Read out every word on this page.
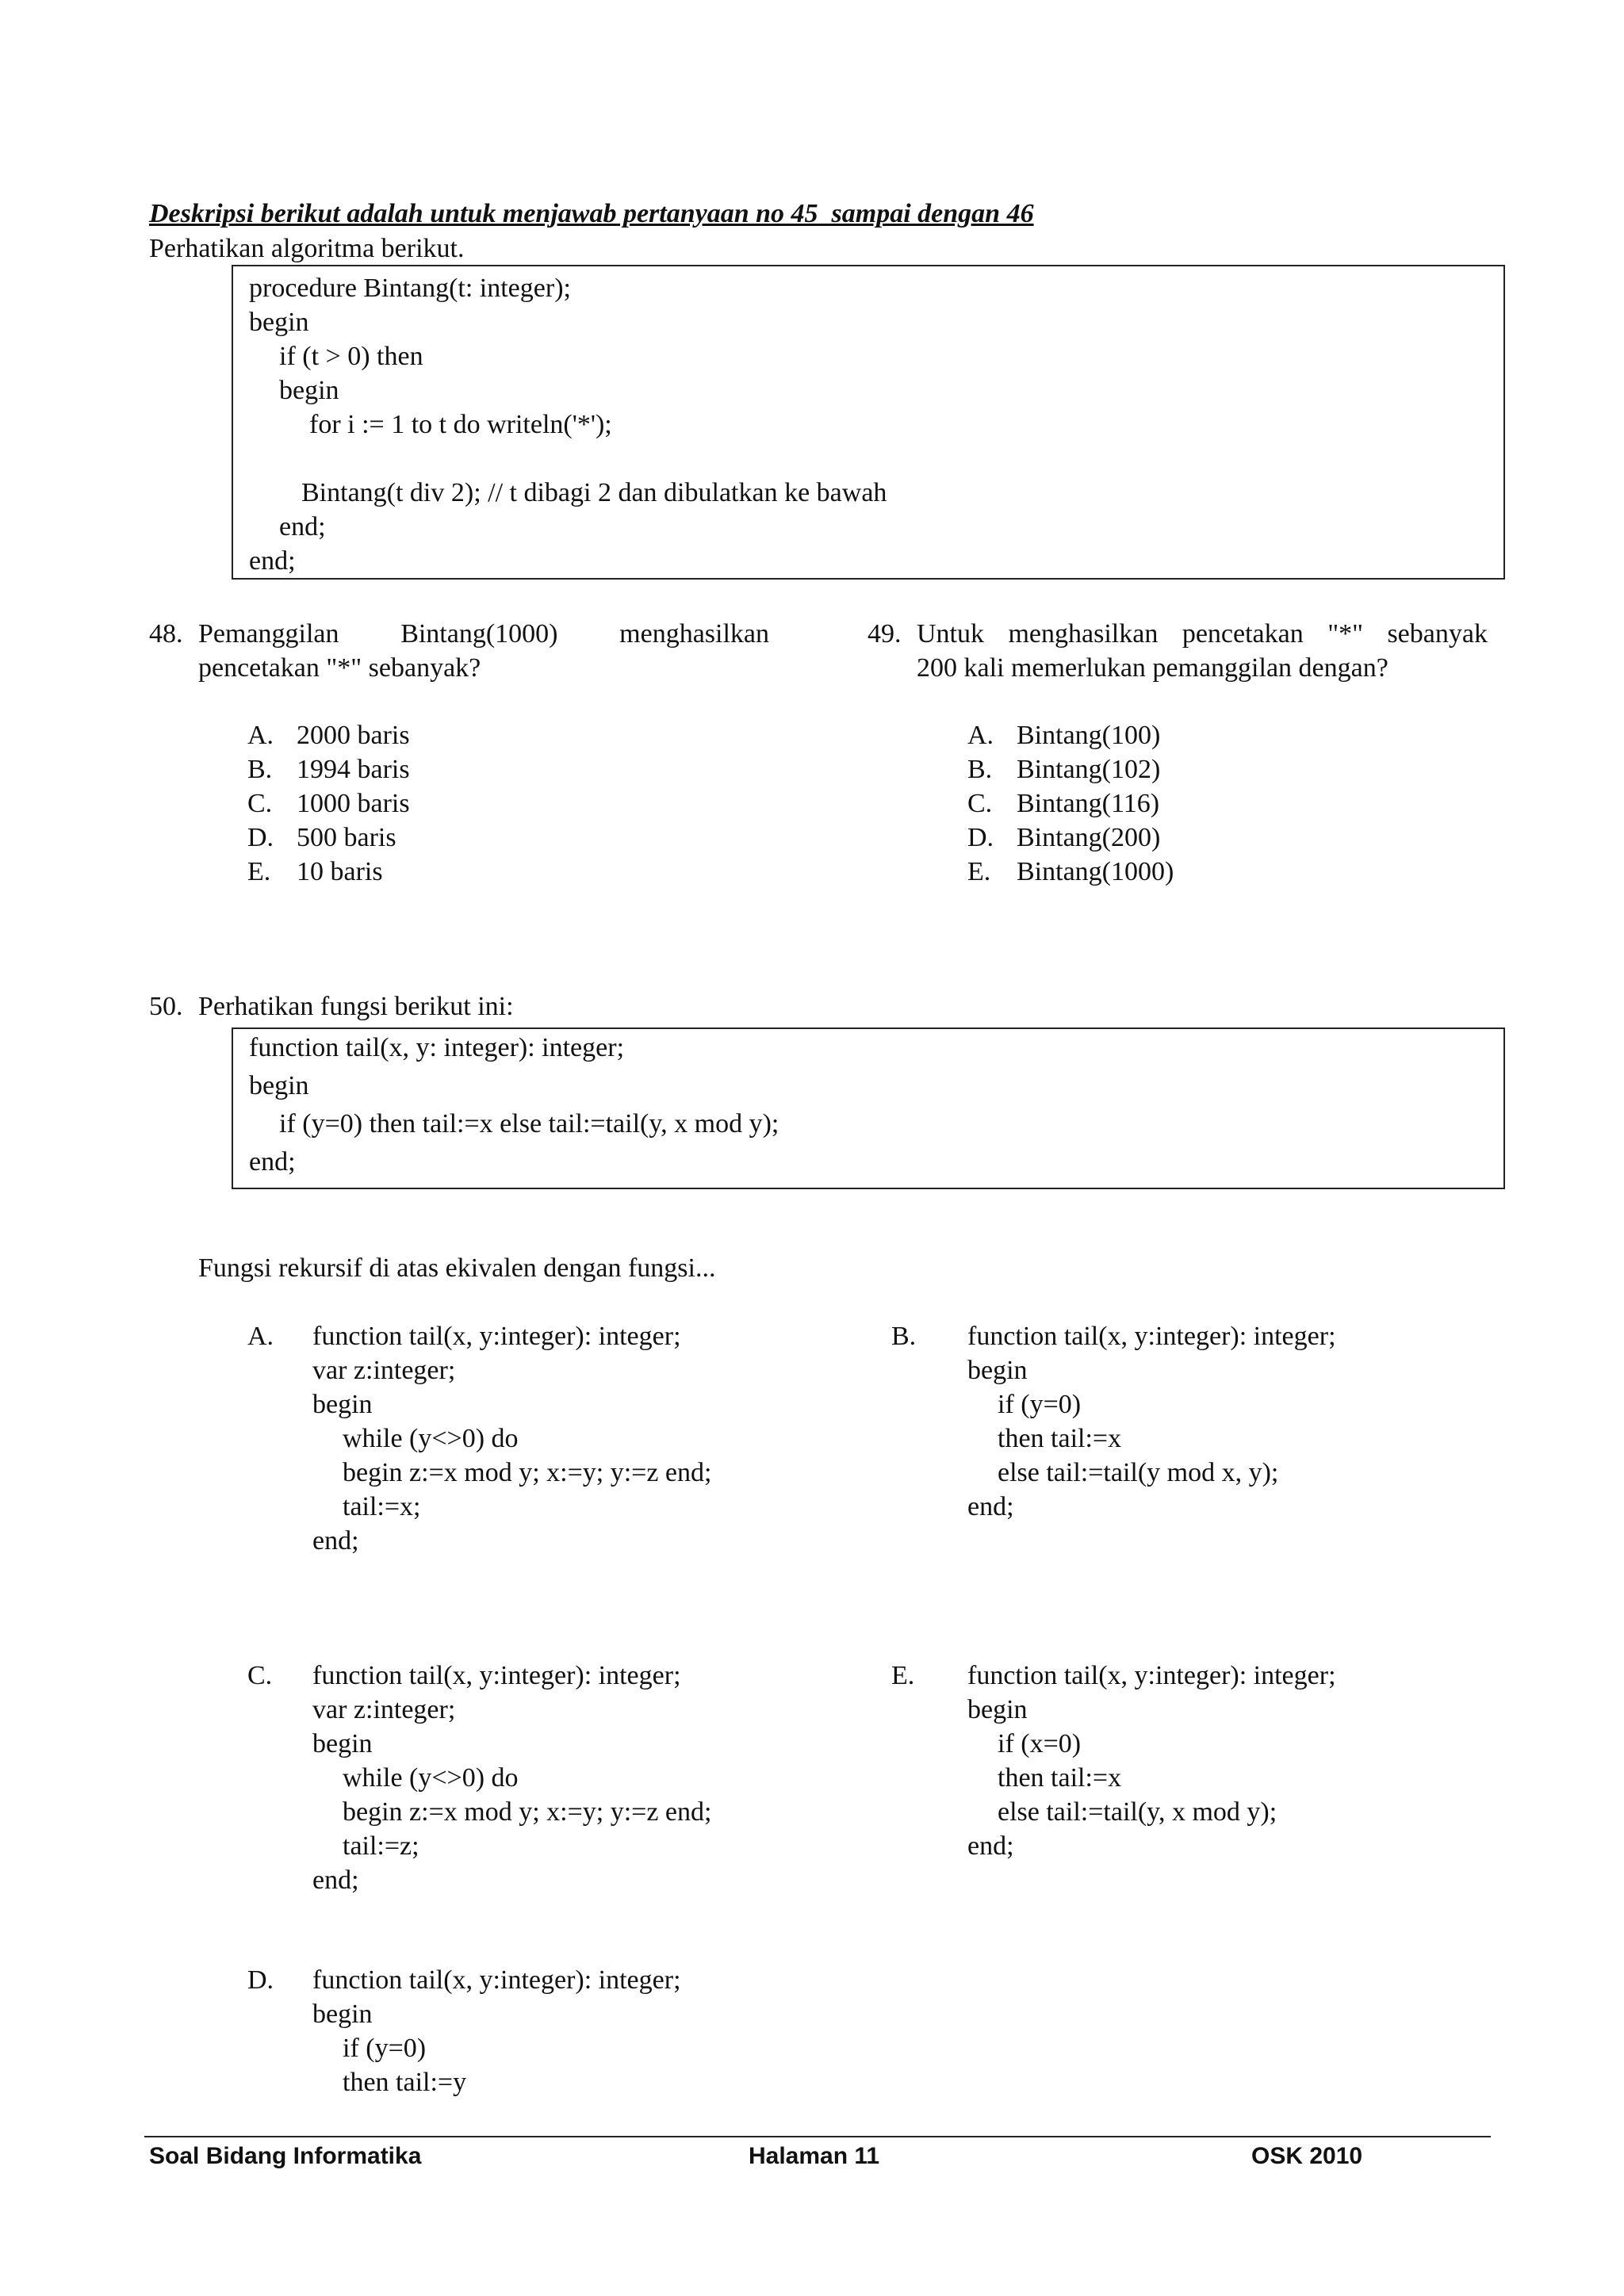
Deskripsi berikut adalah untuk menjawab pertanyaan no 45  sampai dengan 46
Perhatikan algoritma berikut.
procedure Bintang(t: integer);
begin
if (t > 0) then
begin
for i := 1 to t do writeln('*');
Bintang(t div 2); // t dibagi 2 dan dibulatkan ke bawah
end;
end;
48. Pemanggilan Bintang(1000) menghasilkan
pencetakan "*" sebanyak?
A. 2000 baris
B. 1994 baris
C. 1000 baris
D. 500 baris
E. 10 baris
49. Untuk menghasilkan pencetakan "*" sebanyak
200 kali memerlukan pemanggilan dengan?
A. Bintang(100)
B. Bintang(102)
C. Bintang(116)
D. Bintang(200)
E. Bintang(1000)
50. Perhatikan fungsi berikut ini:
function tail(x, y: integer): integer;
begin
if (y=0) then tail:=x else tail:=tail(y, x mod y);
end;
Fungsi rekursif di atas ekivalen dengan fungsi...
A. function tail(x, y:integer): integer;
var z:integer;
begin
while (y<>0) do
begin z:=x mod y; x:=y; y:=z end;
tail:=x;
end;
B. function tail(x, y:integer): integer;
begin
if (y=0)
then tail:=x
else tail:=tail(y mod x, y);
end;
C. function tail(x, y:integer): integer;
var z:integer;
begin
while (y<>0) do
begin z:=x mod y; x:=y; y:=z end;
tail:=z;
end;
E. function tail(x, y:integer): integer;
begin
if (x=0)
then tail:=x
else tail:=tail(y, x mod y);
end;
D. function tail(x, y:integer): integer;
begin
if (y=0)
then tail:=y
Soal Bidang Informatika	Halaman 11	OSK 2010
